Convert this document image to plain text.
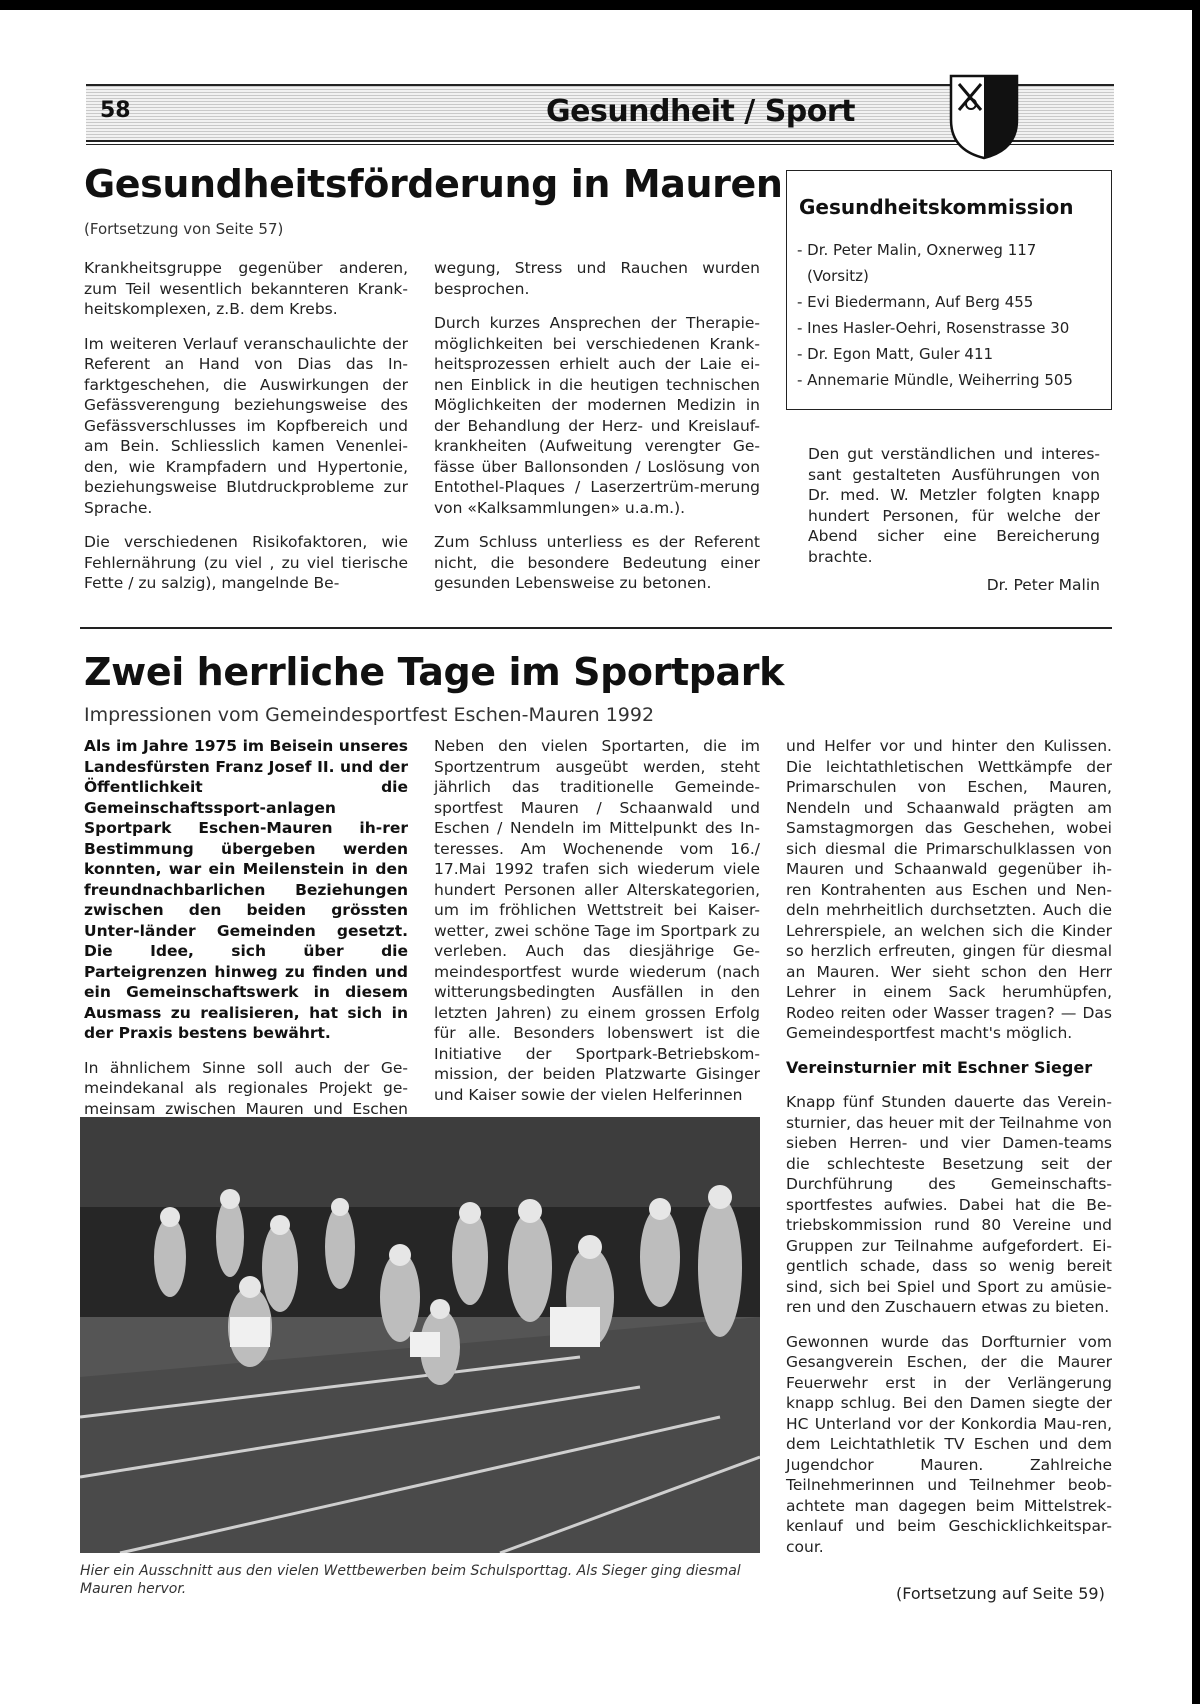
58	Gesundheit / Sport
Gesundheitsförderung in Mauren
(Fortsetzung von Seite 57)

Krankheitsgruppe gegenüber anderen, zum Teil wesentlich bekannteren Krank-heitskomplexen, z.B. dem Krebs.

Im weiteren Verlauf veranschaulichte der Referent an Hand von Dias das In-farktgeschehen, die Auswirkungen der Gefässverengung beziehungsweise des Gefässverschlusses im Kopfbereich und am Bein. Schliesslich kamen Venenlei-den, wie Krampfadern und Hypertonie, beziehungsweise Blutdruckprobleme zur Sprache.

Die verschiedenen Risikofaktoren, wie Fehlernährung (zu viel , zu viel tierische Fette / zu salzig), mangelnde Be-

wegung, Stress und Rauchen wurden besprochen.

Durch kurzes Ansprechen der Therapie-möglichkeiten bei verschiedenen Krank-heitsprozessen erhielt auch der Laie ei-nen Einblick in die heutigen technischen Möglichkeiten der modernen Medizin in der Behandlung der Herz- und Kreislauf-krankheiten (Aufweitung verengter Ge-fässe über Ballonsonden / Loslösung von Entothel-Plaques / Laserzertrüm-merung von «Kalksammlungen» u.a.m.).

Zum Schluss unterliess es der Referent nicht, die besondere Bedeutung einer gesunden Lebensweise zu betonen.

Gesundheitskommission
- Dr. Peter Malin, Oxnerweg 117
(Vorsitz)
- Evi Biedermann, Auf Berg 455
- Ines Hasler-Oehri, Rosenstrasse 30
- Dr. Egon Matt, Guler 411
- Annemarie Mündle, Weiherring 505

Den gut verständlichen und interes-sant gestalteten Ausführungen von Dr. med. W. Metzler folgten knapp hundert Personen, für welche der Abend sicher eine Bereicherung brachte.

Dr. Peter Malin
Zwei herrliche Tage im Sportpark
Impressionen vom Gemeindesportfest Eschen-Mauren 1992

Als im Jahre 1975 im Beisein unseres Landesfürsten Franz Josef II. und der Öffentlichkeit die Gemeinschaftssport-anlagen Sportpark Eschen-Mauren ih-rer Bestimmung übergeben werden konnten, war ein Meilenstein in den freundnachbarlichen Beziehungen zwischen den beiden grössten Unter-länder Gemeinden gesetzt. Die Idee, sich über die Parteigrenzen hinweg zu finden und ein Gemeinschaftswerk in diesem Ausmass zu realisieren, hat sich in der Praxis bestens bewährt.

In ähnlichem Sinne soll auch der Ge-meindekanal als regionales Projekt ge-meinsam zwischen Mauren und Eschen

Neben den vielen Sportarten, die im Sportzentrum ausgeübt werden, steht jährlich das traditionelle Gemeinde-sportfest Mauren / Schaanwald und Eschen / Nendeln im Mittelpunkt des In-teresses. Am Wochenende vom 16./ 17.Mai 1992 trafen sich wiederum viele hundert Personen aller Alterskategorien, um im fröhlichen Wettstreit bei Kaiser-wetter, zwei schöne Tage im Sportpark zu verleben. Auch das diesjährige Ge-meindesportfest wurde wiederum (nach witterungsbedingten Ausfällen in den letzten Jahren) zu einem grossen Erfolg für alle. Besonders lobenswert ist die Initiative der Sportpark-Betriebskom-mission, der beiden Platzwarte Gisinger und Kaiser sowie der vielen Helferinnen

und Helfer vor und hinter den Kulissen. Die leichtathletischen Wettkämpfe der Primarschulen von Eschen, Mauren, Nendeln und Schaanwald prägten am Samstagmorgen das Geschehen, wobei sich diesmal die Primarschulklassen von Mauren und Schaanwald gegenüber ih-ren Kontrahenten aus Eschen und Nen-deln mehrheitlich durchsetzten. Auch die Lehrerspiele, an welchen sich die Kinder so herzlich erfreuten, gingen für diesmal an Mauren. Wer sieht schon den Herr Lehrer in einem Sack herumhüpfen, Rodeo reiten oder Wasser tragen? — Das Gemeindesportfest macht's möglich.

Vereinsturnier mit Eschner Sieger

Knapp fünf Stunden dauerte das Verein-sturnier, das heuer mit der Teilnahme von sieben Herren- und vier Damen-teams die schlechteste Besetzung seit der Durchführung des Gemeinschafts-sportfestes aufwies. Dabei hat die Be-triebskommission rund 80 Vereine und Gruppen zur Teilnahme aufgefordert. Ei-gentlich schade, dass so wenig bereit sind, sich bei Spiel und Sport zu amüsie-ren und den Zuschauern etwas zu bieten.

Gewonnen wurde das Dorfturnier vom Gesangverein Eschen, der die Maurer Feuerwehr erst in der Verlängerung knapp schlug. Bei den Damen siegte der HC Unterland vor der Konkordia Mau-ren, dem Leichtathletik TV Eschen und dem Jugendchor Mauren. Zahlreiche Teilnehmerinnen und Teilnehmer beob-achtete man dagegen beim Mittelstrek-kenlauf und beim Geschicklichkeitspar-cour.

Hier ein Ausschnitt aus den vielen Wettbewerben beim Schulsporttag. Als Sieger ging diesmal Mauren hervor.	(Fortsetzung auf Seite 59)
